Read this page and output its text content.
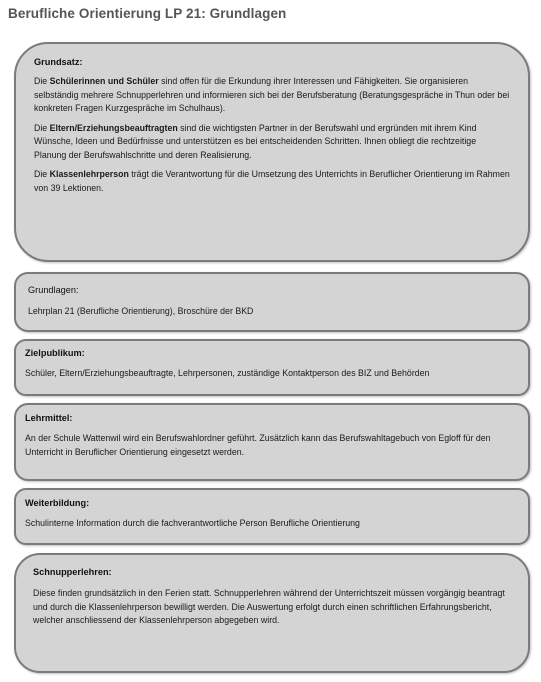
Berufliche Orientierung LP 21: Grundlagen
Grundsatz:

Die Schülerinnen und Schüler sind offen für die Erkundung ihrer Interessen und Fähigkeiten. Sie organisieren selbständig mehrere Schnupperlehren und informieren sich bei der Berufsberatung (Beratungsgespräche in Thun oder bei konkreten Fragen Kurzgespräche im Schulhaus).

Die Eltern/Erziehungsbeauftragten sind die wichtigsten Partner in der Berufswahl und ergründen mit ihrem Kind Wünsche, Ideen und Bedürfnisse und unterstützen es bei entscheidenden Schritten. Ihnen obliegt die rechtzeitige Planung der Berufswahlschritte und deren Realisierung.

Die Klassenlehrperson trägt die Verantwortung für die Umsetzung des Unterrichts in Beruflicher Orientierung im Rahmen von 39 Lektionen.

Grundlagen:

Lehrplan 21 (Berufliche Orientierung), Broschüre der BKD

Zielpublikum:

Schüler, Eltern/Erziehungsbeauftragte, Lehrpersonen, zuständige Kontaktperson des BIZ und Behörden

Lehrmittel:

An der Schule Wattenwil wird ein Berufswahlordner geführt. Zusätzlich kann das Berufswahltagebuch von Egloff für den Unterricht in Beruflicher Orientierung eingesetzt werden.

Weiterbildung:

Schulinterne Information durch die fachverantwortliche Person Berufliche Orientierung

Schnupperlehren:

Diese finden grundsätzlich in den Ferien statt. Schnupperlehren während der Unterrichtszeit müssen vorgängig beantragt und durch die Klassenlehrperson bewilligt werden. Die Auswertung erfolgt durch einen schriftlichen Erfahrungsbericht, welcher anschliessend der Klassenlehrperson abgegeben wird.
